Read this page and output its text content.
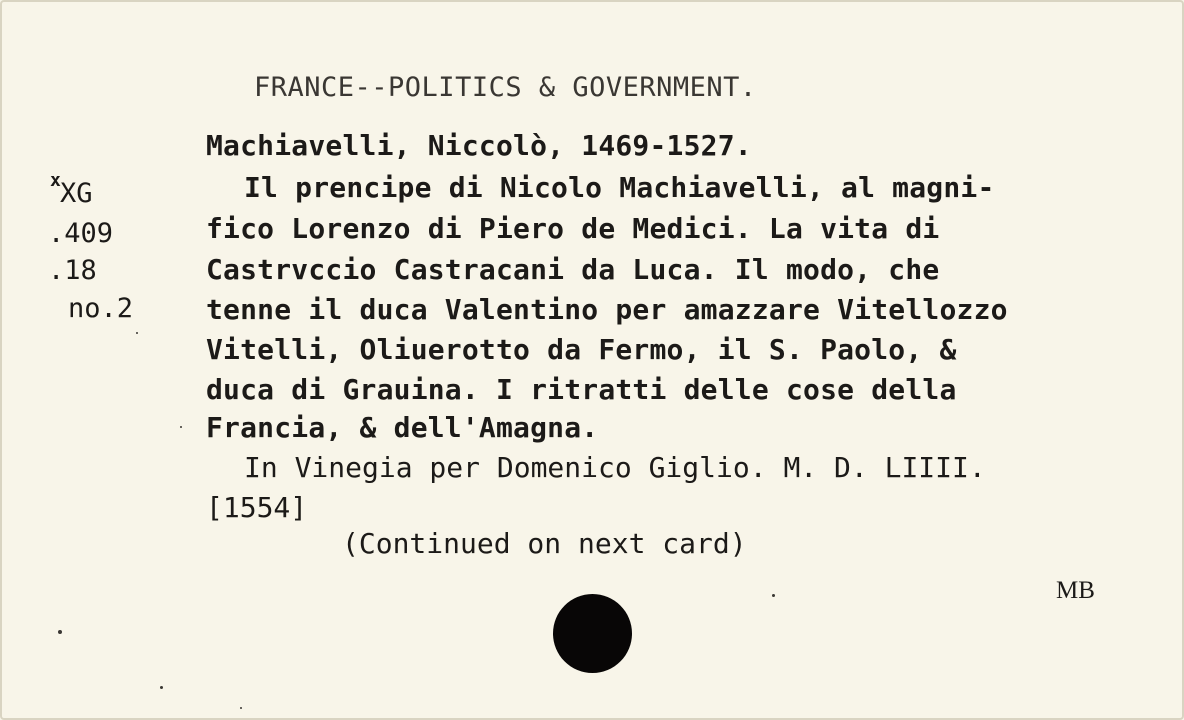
FRANCE--POLITICS & GOVERNMENT.
x XG
.409
.18
no.2
Machiavelli, Niccolò, 1469-1527.
Il prencipe di Nicolo Machiavelli, al magni-
fico Lorenzo di Piero de Medici. La vita di
Castrvccio Castracani da Luca. Il modo, che
tenne il duca Valentino per amazzare Vitellozzo
Vitelli, Oliuerotto da Fermo, il S. Paolo, &
duca di Grauina. I ritratti delle cose della
Francia, & dell'Amagna.
In Vinegia per Domenico Giglio. M. D. LIIII.
[1554]
(Continued on next card)
MB
